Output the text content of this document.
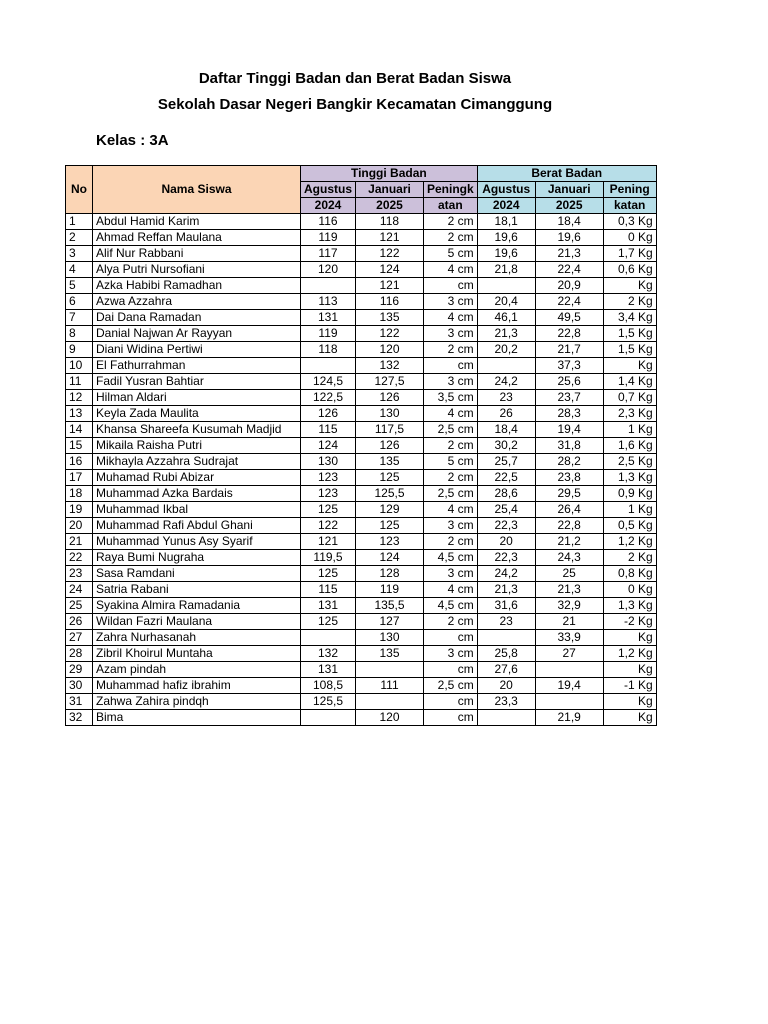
Daftar Tinggi Badan dan Berat Badan Siswa
Sekolah Dasar Negeri Bangkir Kecamatan Cimanggung
Kelas : 3A
No	Nama Siswa	Tinggi Badan			Berat Badan		
		Agustus	Januari	Peningk	Agustus	Januari	Pening
		2024	2025	atan	2024	2025	katan
1	Abdul Hamid Karim	116	118	2 cm	18,1	18,4	0,3 Kg
2	Ahmad Reffan Maulana	119	121	2 cm	19,6	19,6	0 Kg
3	Alif Nur Rabbani	117	122	5 cm	19,6	21,3	1,7 Kg
4	Alya Putri Nursofiani	120	124	4 cm	21,8	22,4	0,6 Kg
5	Azka Habibi Ramadhan		121	cm		20,9	Kg
6	Azwa Azzahra	113	116	3 cm	20,4	22,4	2 Kg
7	Dai Dana Ramadan	131	135	4 cm	46,1	49,5	3,4 Kg
8	Danial Najwan Ar Rayyan	119	122	3 cm	21,3	22,8	1,5 Kg
9	Diani Widina Pertiwi	118	120	2 cm	20,2	21,7	1,5 Kg
10	El Fathurrahman		132	cm		37,3	Kg
11	Fadil Yusran Bahtiar	124,5	127,5	3 cm	24,2	25,6	1,4 Kg
12	Hilman Aldari	122,5	126	3,5 cm	23	23,7	0,7 Kg
13	Keyla Zada Maulita	126	130	4 cm	26	28,3	2,3 Kg
14	Khansa Shareefa Kusumah Madjid	115	117,5	2,5 cm	18,4	19,4	1 Kg
15	Mikaila Raisha Putri	124	126	2 cm	30,2	31,8	1,6 Kg
16	Mikhayla Azzahra Sudrajat	130	135	5 cm	25,7	28,2	2,5 Kg
17	Muhamad Rubi Abizar	123	125	2 cm	22,5	23,8	1,3 Kg
18	Muhammad Azka Bardais	123	125,5	2,5 cm	28,6	29,5	0,9 Kg
19	Muhammad Ikbal	125	129	4 cm	25,4	26,4	1 Kg
20	Muhammad Rafi Abdul Ghani	122	125	3 cm	22,3	22,8	0,5 Kg
21	Muhammad Yunus Asy Syarif	121	123	2 cm	20	21,2	1,2 Kg
22	Raya Bumi Nugraha	119,5	124	4,5 cm	22,3	24,3	2 Kg
23	Sasa Ramdani	125	128	3 cm	24,2	25	0,8 Kg
24	Satria Rabani	115	119	4 cm	21,3	21,3	0 Kg
25	Syakina Almira Ramadania	131	135,5	4,5 cm	31,6	32,9	1,3 Kg
26	Wildan Fazri Maulana	125	127	2 cm	23	21	-2 Kg
27	Zahra Nurhasanah		130	cm		33,9	Kg
28	Zibril Khoirul Muntaha	132	135	3 cm	25,8	27	1,2 Kg
29	Azam pindah	131		cm	27,6		Kg
30	Muhammad hafiz ibrahim	108,5	111	2,5 cm	20	19,4	-1 Kg
31	Zahwa Zahira pindqh	125,5		cm	23,3		Kg
32	Bima		120	cm		21,9	Kg
